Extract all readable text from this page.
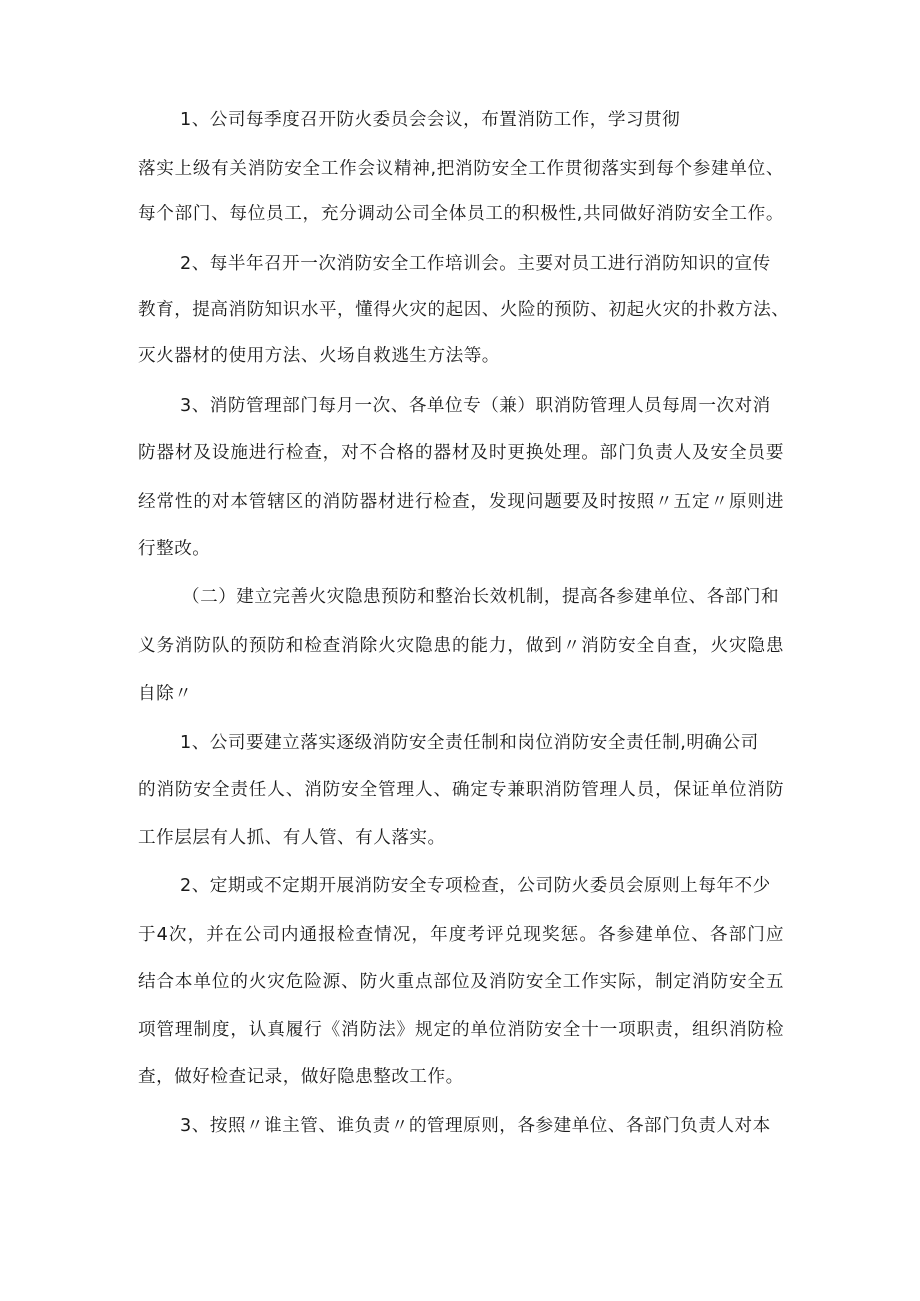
1、公司每季度召开防火委员会会议，布置消防工作，学习贯彻
落实上级有关消防安全工作会议精神,把消防安全工作贯彻落实到每个参建单位、
每个部门、每位员工，充分调动公司全体员工的积极性,共同做好消防安全工作。
2、每半年召开一次消防安全工作培训会。主要对员工进行消防知识的宣传
教育，提高消防知识水平，懂得火灾的起因、火险的预防、初起火灾的扑救方法、
灭火器材的使用方法、火场自救逃生方法等。
3、消防管理部门每月一次、各单位专（兼）职消防管理人员每周一次对消
防器材及设施进行检查，对不合格的器材及时更换处理。部门负责人及安全员要
经常性的对本管辖区的消防器材进行检查，发现问题要及时按照〃五定〃原则进
行整改。
（二）建立完善火灾隐患预防和整治长效机制，提高各参建单位、各部门和
义务消防队的预防和检查消除火灾隐患的能力，做到〃消防安全自查，火灾隐患
自除〃
1、公司要建立落实逐级消防安全责任制和岗位消防安全责任制,明确公司
的消防安全责任人、消防安全管理人、确定专兼职消防管理人员，保证单位消防
工作层层有人抓、有人管、有人落实。
2、定期或不定期开展消防安全专项检查，公司防火委员会原则上每年不少
于4次，并在公司内通报检查情况，年度考评兑现奖惩。各参建单位、各部门应
结合本单位的火灾危险源、防火重点部位及消防安全工作实际，制定消防安全五
项管理制度，认真履行《消防法》规定的单位消防安全十一项职责，组织消防检
查，做好检查记录，做好隐患整改工作。
3、按照〃谁主管、谁负责〃的管理原则，各参建单位、各部门负责人对本
